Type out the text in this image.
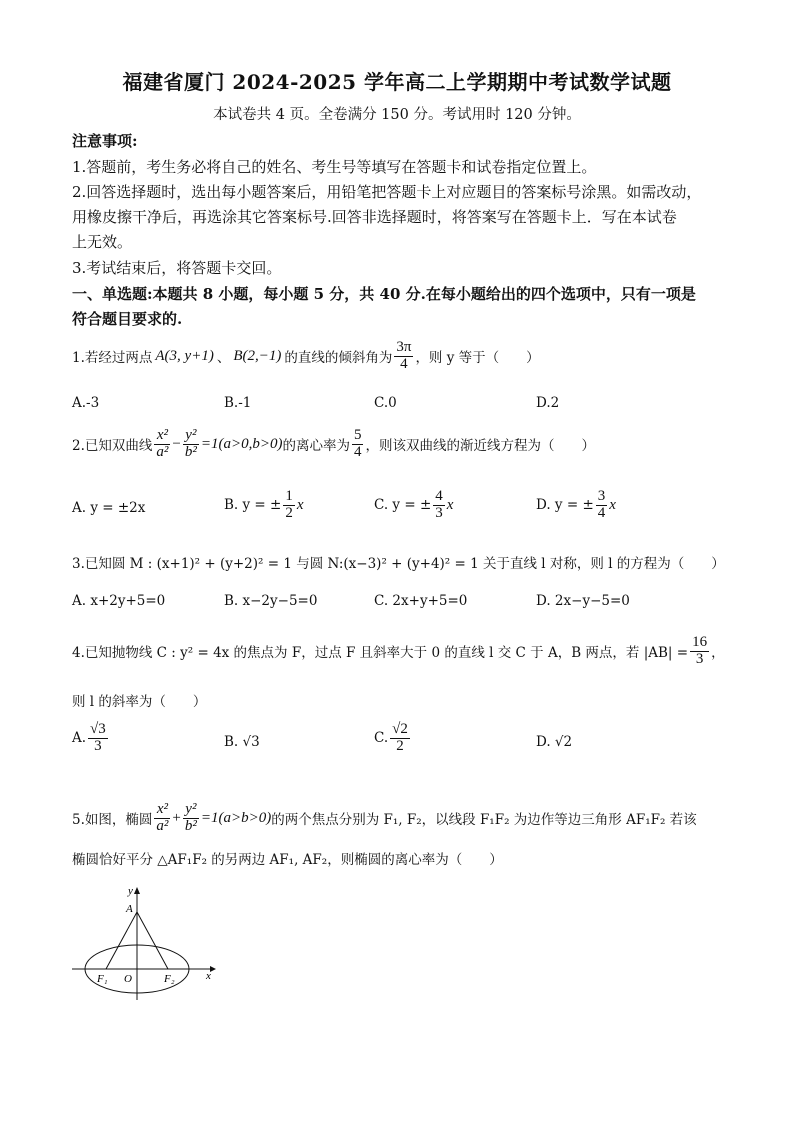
福建省厦门 2024-2025 学年高二上学期期中考试数学试题
本试卷共 4 页。全卷满分 150 分。考试用时 120 分钟。
注意事项:
1.答题前，考生务必将自己的姓名、考生号等填写在答题卡和试卷指定位置上。
2.回答选择题时，选出每小题答案后，用铅笔把答题卡上对应题目的答案标号涂黑。如需改动，
用橡皮擦干净后，再选涂其它答案标号.回答非选择题时，将答案写在答题卡上．写在本试卷
上无效。
3.考试结束后，将答题卡交回。
一、单选题:本题共 8 小题，每小题 5 分，共 40 分.在每小题给出的四个选项中，只有一项是
符合题目要求的.
1.若经过两点 A(3, y+1) 、 B(2,−1) 的直线的倾斜角为 $\frac{3\pi}{4}$ ，则 y 等于（　　）
A.-3	B.-1	C.0	D.2
2.已知双曲线 $\frac{\text{x²}}{\text{a²}} - \frac{\text{y²}}{\text{b²}} =1(a>0,b>0)$ 的离心率为 $\frac{5}{4}$ ，则该双曲线的渐近线方程为（　　）
A. y = ±2x	B. y = ± $\frac{1}{2}$ x	C. y = ± $\frac{4}{3}$ x	D. y = ± $\frac{3}{4}$ x
3.已知圆 M : (x+1)² + (y+2)² = 1 与圆 N:(x−3)² + (y+4)² = 1 关于直线 l 对称，则 l 的方程为（　　）
A. x+2y+5=0	B. x−2y−5=0	C. 2x+y+5=0	D. 2x−y−5=0
4.已知抛物线 C : y² = 4x 的焦点为 F，过点 F 且斜率大于 0 的直线 l 交 C 于 A，B 两点，若 $|AB| = \frac{16}{3}$ ，
则 l 的斜率为（　　）
A. $\frac{√3}{3}$	B. √3	C. $\frac{√2}{2}$	D. √2
5.如图，椭圆 $\frac{\text{x²}}{\text{a²}} + \frac{\text{y²}}{\text{b²}} =1(a>b>0)$ 的两个焦点分别为 F₁, F₂，以线段 F₁F₂ 为边作等边三角形 AF₁F₂ 若该
椭圆恰好平分 △AF₁F₂ 的另两边 AF₁, AF₂，则椭圆的离心率为（　　）
y
A
F₁ O	F₂	x
